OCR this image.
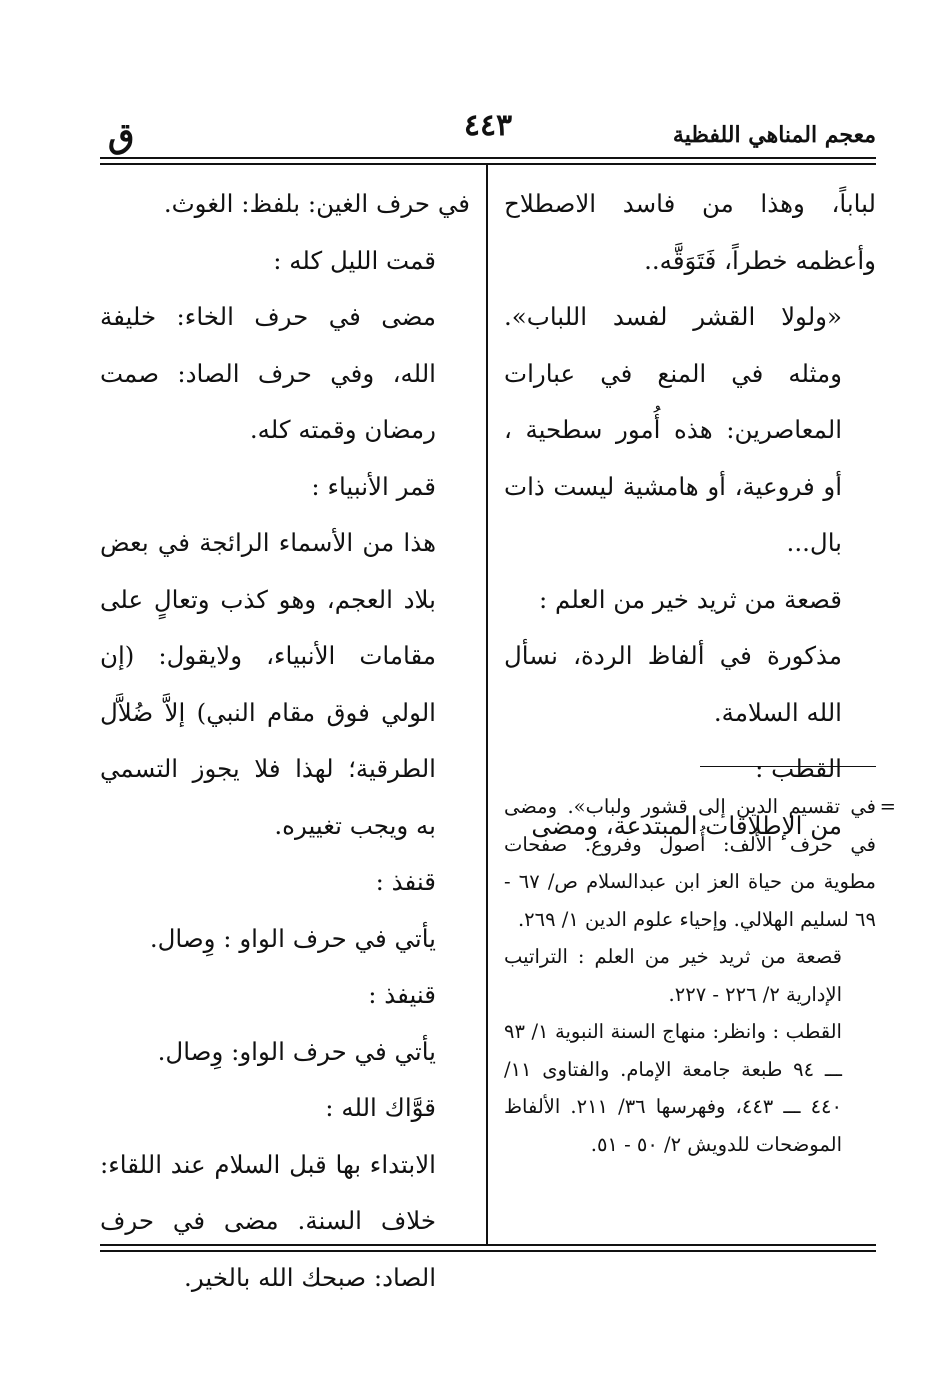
معجم المناهي اللفظية
٤٤٣
ق

لباباً، وهذا من فاسد الاصطلاح وأعظمه خطراً، فَتَوَقَّه..

«ولولا القشر لفسد اللباب». ومثله في المنع في عبارات المعاصرين: هذه أُمور سطحية ، أو فروعية، أو هامشية ليست ذات بال...

قصعة من ثريد خير من العلم :

مذكورة في ألفاظ الردة، نسأل الله السلامة.

القطب :

من الإطلاقات المبتدعة، ومضى

=
في تقسيم الدين إلى قشور ولباب». ومضى في حرف الألف: أُصول وفروع. صفحات مطوية من حياة العز ابن عبدالسلام ص/ ٦٧ - ٦٩ لسليم الهلالي. وإحياء علوم الدين ١/ ٢٦٩.

قصعة من ثريد خير من العلم : التراتيب الإدارية ٢/ ٢٢٦ - ٢٢٧.

القطب : وانظر: منهاج السنة النبوية ١/ ٩٣ ـــ ٩٤ طبعة جامعة الإمام. والفتاوى ١١/ ٤٤٠ ـــ ٤٤٣، وفهرسها ٣٦/ ٢١١. الألفاظ الموضحات للدويش ٢/ ٥٠ - ٥١.

في حرف الغين: بلفظ: الغوث.

قمت الليل كله :

مضى في حرف الخاء: خليفة الله، وفي حرف الصاد: صمت رمضان وقمته كله.

قمر الأنبياء :

هذا من الأسماء الرائجة في بعض بلاد العجم، وهو كذب وتعالٍ على مقامات الأنبياء، ولايقول: (إن الولي فوق مقام النبي) إلاَّ ضُلاَّل الطرقية؛ لهذا فلا يجوز التسمي به ويجب تغييره.

قنفذ :

يأتي في حرف الواو : وِصال.

قنيفذ :

يأتي في حرف الواو: وِصال.

قوَّاك الله :

الابتداء بها قبل السلام عند اللقاء: خلاف السنة. مضى في حرف الصاد: صبحك الله بالخير.
